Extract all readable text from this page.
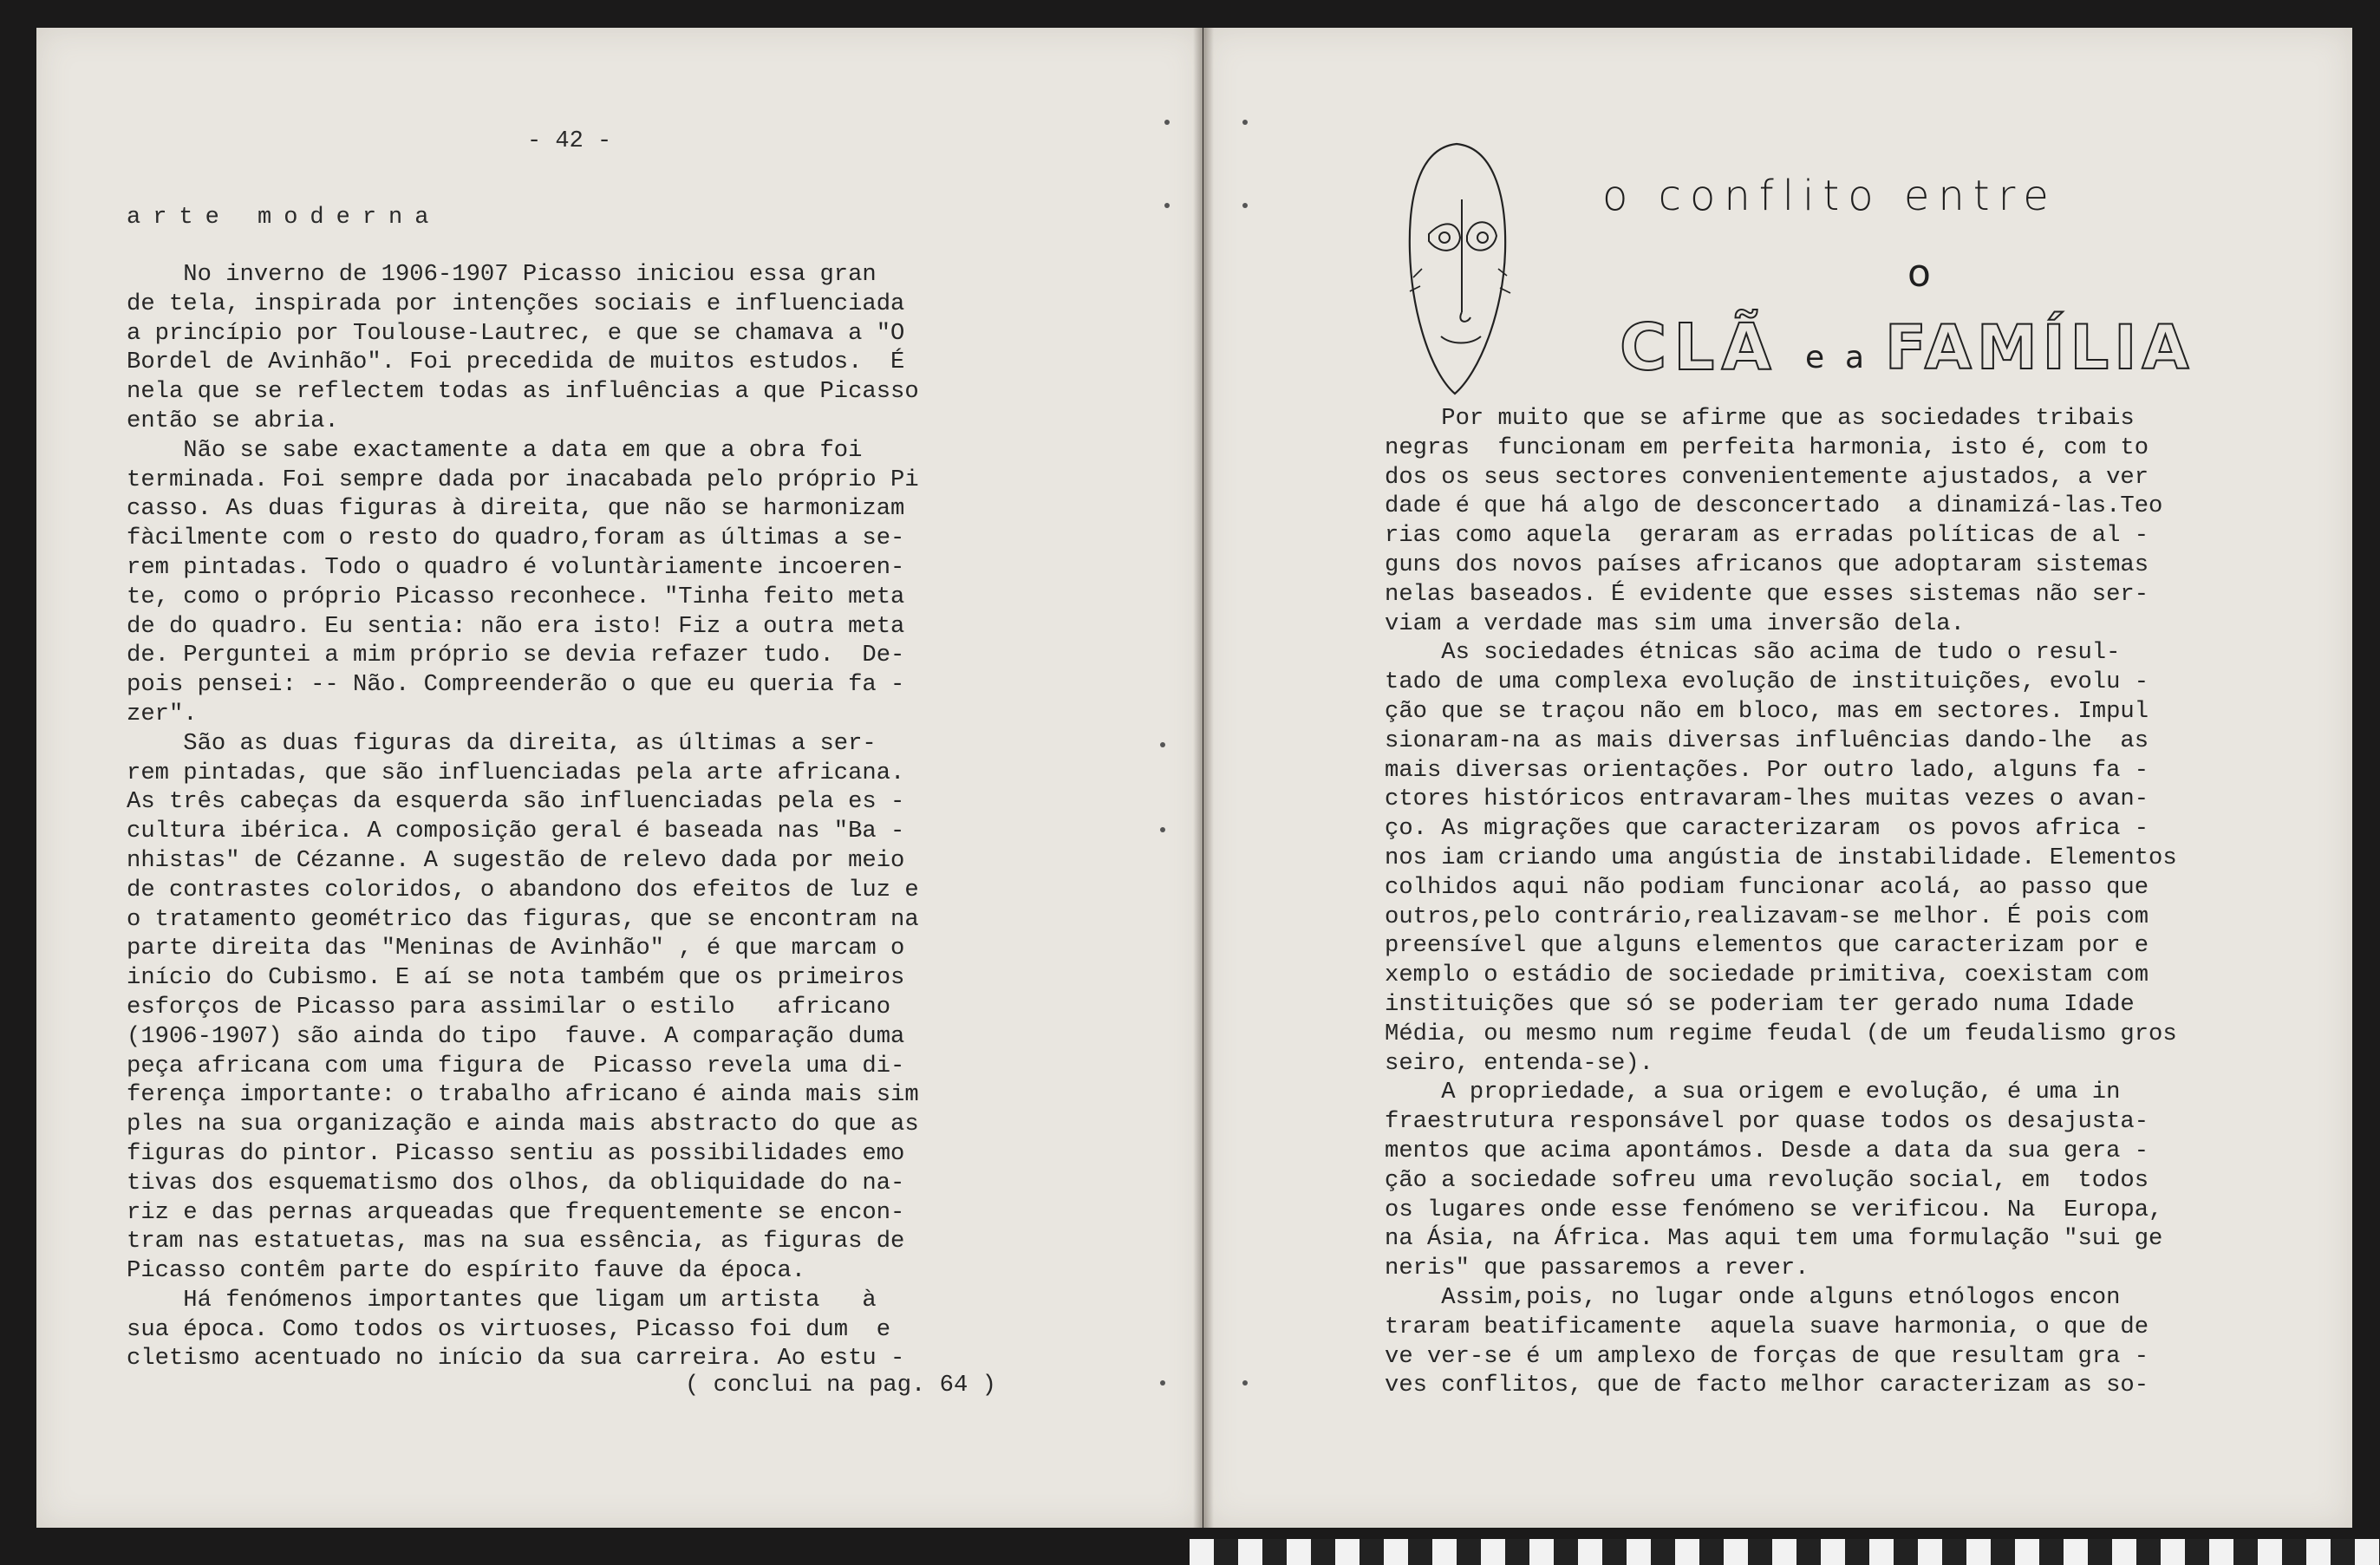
- 42 -
arte moderna
No inverno de 1906-1907 Picasso iniciou essa gran
de tela, inspirada por intenções sociais e influenciada
a princípio por Toulouse-Lautrec, e que se chamava a "O
Bordel de Avinhão". Foi precedida de muitos estudos.  É
nela que se reflectem todas as influências a que Picasso
então se abria.
Não se sabe exactamente a data em que a obra foi
terminada. Foi sempre dada por inacabada pelo próprio Pi
casso. As duas figuras à direita, que não se harmonizam
fàcilmente com o resto do quadro,foram as últimas a se-
rem pintadas. Todo o quadro é voluntàriamente incoeren-
te, como o próprio Picasso reconhece. "Tinha feito meta
de do quadro. Eu sentia: não era isto! Fiz a outra meta
de. Perguntei a mim próprio se devia refazer tudo.  De-
pois pensei: -- Não. Compreenderão o que eu queria fa -
zer".
São as duas figuras da direita, as últimas a ser-
rem pintadas, que são influenciadas pela arte africana.
As três cabeças da esquerda são influenciadas pela es -
cultura ibérica. A composição geral é baseada nas "Ba -
nhistas" de Cézanne. A sugestão de relevo dada por meio
de contrastes coloridos, o abandono dos efeitos de luz e
o tratamento geométrico das figuras, que se encontram na
parte direita das "Meninas de Avinhão" , é que marcam o
início do Cubismo. E aí se nota também que os primeiros
esforços de Picasso para assimilar o estilo   africano
(1906-1907) são ainda do tipo  fauve. A comparação duma
peça africana com uma figura de  Picasso revela uma di-
ferença importante: o trabalho africano é ainda mais sim
ples na sua organização e ainda mais abstracto do que as
figuras do pintor. Picasso sentiu as possibilidades emo
tivas dos esquematismo dos olhos, da obliquidade do na-
riz e das pernas arqueadas que frequentemente se encon-
tram nas estatuetas, mas na sua essência, as figuras de
Picasso contêm parte do espírito fauve da época.
Há fenómenos importantes que ligam um artista   à
sua época. Como todos os virtuoses, Picasso foi dum  e
cletismo acentuado no início da sua carreira. Ao estu -
( conclui na pag. 64 )
o conflito entre
o
CLÃ e a FAMÍLIA
Por muito que se afirme que as sociedades tribais
negras  funcionam em perfeita harmonia, isto é, com to
dos os seus sectores convenientemente ajustados, a ver
dade é que há algo de desconcertado  a dinamizá-las.Teo
rias como aquela  geraram as erradas políticas de al -
guns dos novos países africanos que adoptaram sistemas
nelas baseados. É evidente que esses sistemas não ser-
viam a verdade mas sim uma inversão dela.
As sociedades étnicas são acima de tudo o resul-
tado de uma complexa evolução de instituições, evolu -
ção que se traçou não em bloco, mas em sectores. Impul
sionaram-na as mais diversas influências dando-lhe  as
mais diversas orientações. Por outro lado, alguns fa -
ctores históricos entravaram-lhes muitas vezes o avan-
ço. As migrações que caracterizaram  os povos africa -
nos iam criando uma angústia de instabilidade. Elementos
colhidos aqui não podiam funcionar acolá, ao passo que
outros,pelo contrário,realizavam-se melhor. É pois com
preensível que alguns elementos que caracterizam por e
xemplo o estádio de sociedade primitiva, coexistam com
instituições que só se poderiam ter gerado numa Idade
Média, ou mesmo num regime feudal (de um feudalismo gros
seiro, entenda-se).
A propriedade, a sua origem e evolução, é uma in
fraestrutura responsável por quase todos os desajusta-
mentos que acima apontámos. Desde a data da sua gera -
ção a sociedade sofreu uma revolução social, em  todos
os lugares onde esse fenómeno se verificou. Na  Europa,
na Ásia, na África. Mas aqui tem uma formulação "sui ge
neris" que passaremos a rever.
Assim,pois, no lugar onde alguns etnólogos encon
traram beatificamente  aquela suave harmonia, o que de
ve ver-se é um amplexo de forças de que resultam gra -
ves conflitos, que de facto melhor caracterizam as so-
